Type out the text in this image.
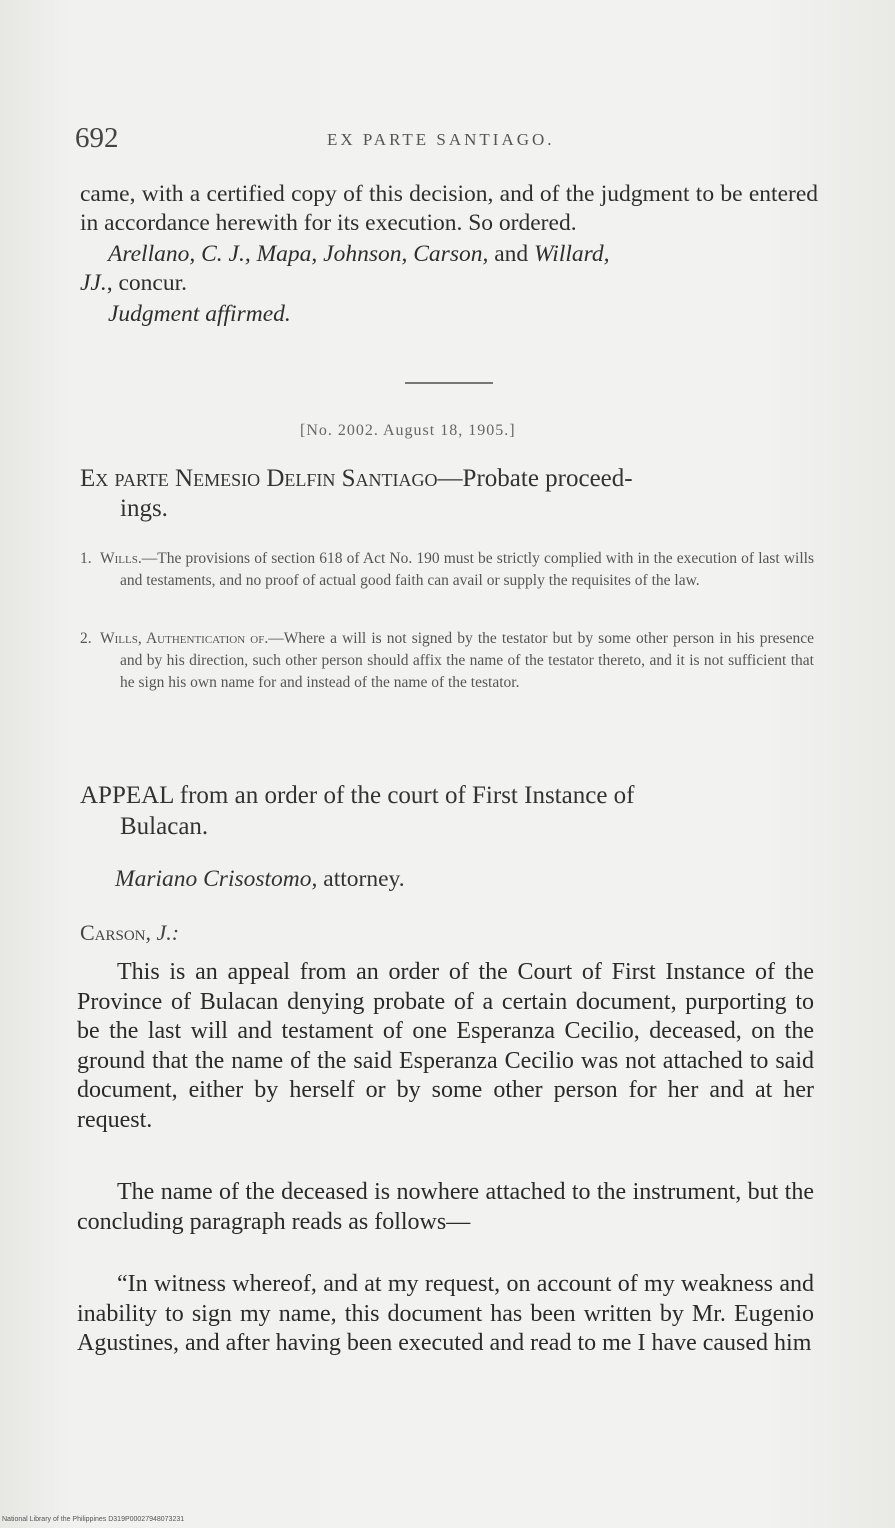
692	EX PARTE SANTIAGO.

came, with a certified copy of this decision, and of the judgment to be entered in accordance herewith for its execution. So ordered.

Arellano, C. J., Mapa, Johnson, Carson, and Willard,
JJ., concur.

Judgment affirmed.

[No. 2002. August 18, 1905.]
Ex parte Nemesio Delfin Santiago—Probate proceed-
ings.
1. Wills.—The provisions of section 618 of Act No. 190 must be strictly complied with in the execution of last wills and testaments, and no proof of actual good faith can avail or supply the requisites of the law.
2. Wills, Authentication of.—Where a will is not signed by the testator but by some other person in his presence and by his direction, such other person should affix the name of the testator thereto, and it is not sufficient that he sign his own name for and instead of the name of the testator.
APPEAL from an order of the court of First Instance of
Bulacan.
Mariano Crisostomo, attorney.
Carson, J.:
This is an appeal from an order of the Court of First Instance of the Province of Bulacan denying probate of a certain document, purporting to be the last will and testament of one Esperanza Cecilio, deceased, on the ground that the name of the said Esperanza Cecilio was not attached to said document, either by herself or by some other person for her and at her request.
The name of the deceased is nowhere attached to the instrument, but the concluding paragraph reads as follows—
“In witness whereof, and at my request, on account of my weakness and inability to sign my name, this document has been written by Mr. Eugenio Agustines, and after having been executed and read to me I have caused him
National Library of the Philippines D319P00027948073231
